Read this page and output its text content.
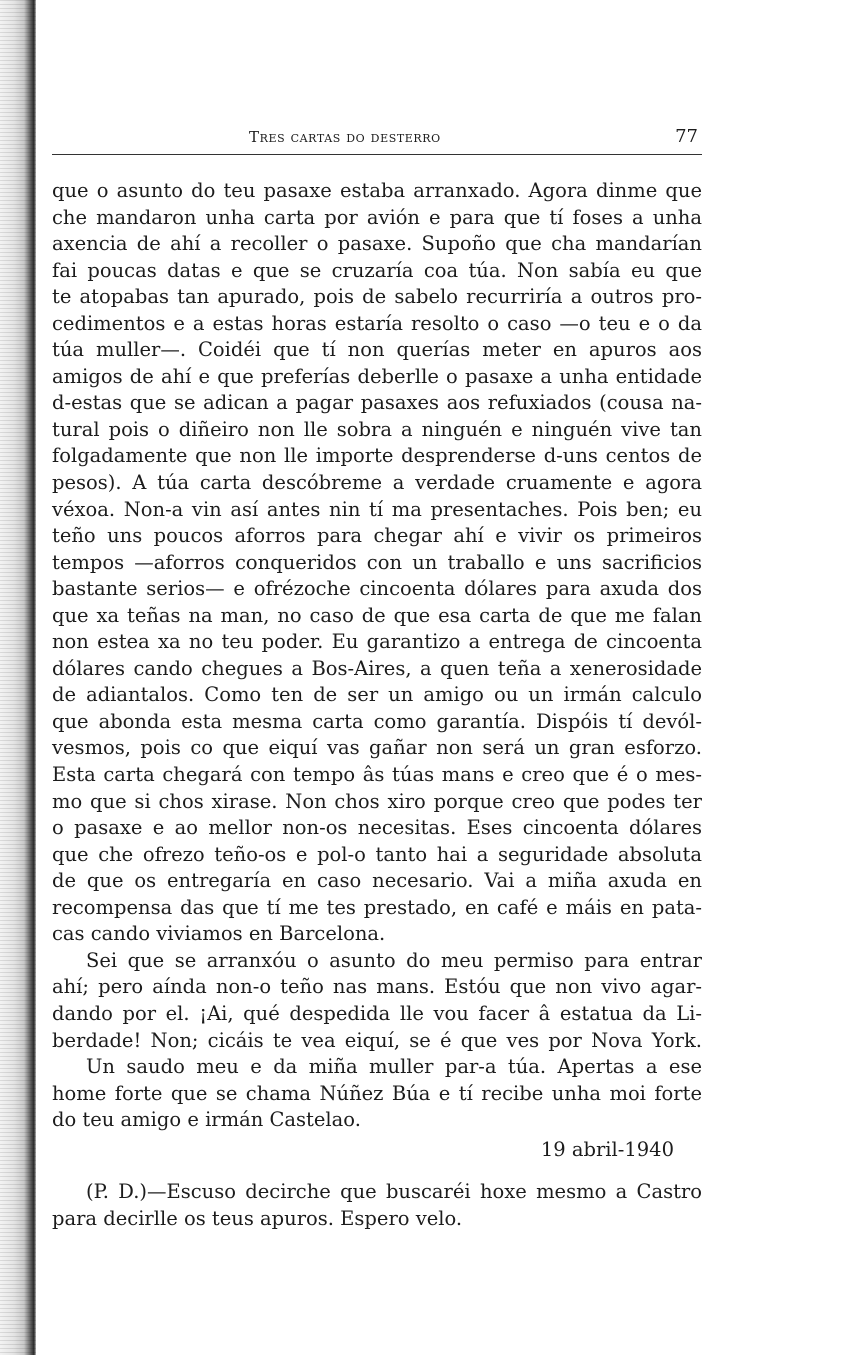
Tres cartas do desterro	77
que o asunto do teu pasaxe estaba arranxado. Agora dinme que
che mandaron unha carta por avión e para que tí foses a unha
axencia de ahí a recoller o pasaxe. Supoño que cha mandarían
fai poucas datas e que se cruzaría coa túa. Non sabía eu que
te atopabas tan apurado, pois de sabelo recurriría a outros pro-
cedimentos e a estas horas estaría resolto o caso —o teu e o da
túa muller—. Coidéi que tí non querías meter en apuros aos
amigos de ahí e que preferías deberlle o pasaxe a unha entidade
d-estas que se adican a pagar pasaxes aos refuxiados (cousa na-
tural pois o diñeiro non lle sobra a ninguén e ninguén vive tan
folgadamente que non lle importe desprenderse d-uns centos de
pesos). A túa carta descóbreme a verdade cruamente e agora
véxoa. Non-a vin así antes nin tí ma presentaches. Pois ben; eu
teño uns poucos aforros para chegar ahí e vivir os primeiros
tempos —aforros conqueridos con un traballo e uns sacrificios
bastante serios— e ofrézoche cincoenta dólares para axuda dos
que xa teñas na man, no caso de que esa carta de que me falan
non estea xa no teu poder. Eu garantizo a entrega de cincoenta
dólares cando chegues a Bos-Aires, a quen teña a xenerosidade
de adiantalos. Como ten de ser un amigo ou un irmán calculo
que abonda esta mesma carta como garantía. Dispóis tí devól-
vesmos, pois co que eiquí vas gañar non será un gran esforzo.
Esta carta chegará con tempo âs túas mans e creo que é o mes-
mo que si chos xirase. Non chos xiro porque creo que podes ter
o pasaxe e ao mellor non-os necesitas. Eses cincoenta dólares
que che ofrezo teño-os e pol-o tanto hai a seguridade absoluta
de que os entregaría en caso necesario. Vai a miña axuda en
recompensa das que tí me tes prestado, en café e máis en pata-
cas cando viviamos en Barcelona.
Sei que se arranxóu o asunto do meu permiso para entrar
ahí; pero aínda non-o teño nas mans. Estóu que non vivo agar-
dando por el. ¡Ai, qué despedida lle vou facer â estatua da Li-
berdade! Non; cicáis te vea eiquí, se é que ves por Nova York.
Un saudo meu e da miña muller par-a túa. Apertas a ese
home forte que se chama Núñez Búa e tí recibe unha moi forte
do teu amigo e irmán Castelao.
19 abril-1940
(P. D.)—Escuso decirche que buscaréi hoxe mesmo a Castro
para decirlle os teus apuros. Espero velo.
